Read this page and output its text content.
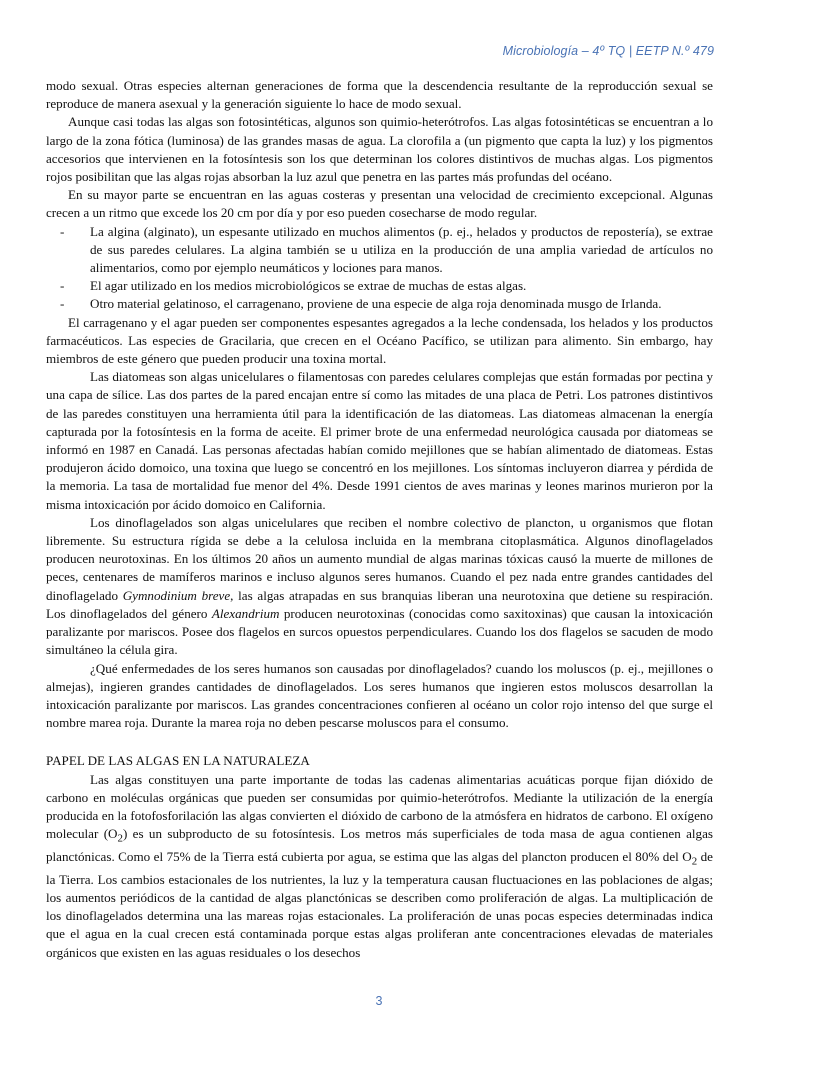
Microbiología – 4º TQ | EETP N.º 479

modo sexual. Otras especies alternan generaciones de forma que la descendencia resultante de la reproducción sexual se reproduce de manera asexual y la generación siguiente lo hace de modo sexual.

Aunque casi todas las algas son fotosintéticas, algunos son quimio-heterótrofos. Las algas fotosintéticas se encuentran a lo largo de la zona fótica (luminosa) de las grandes masas de agua. La clorofila a (un pigmento que capta la luz) y los pigmentos accesorios que intervienen en la fotosíntesis son los que determinan los colores distintivos de muchas algas. Los pigmentos rojos posibilitan que las algas rojas absorban la luz azul que penetra en las partes más profundas del océano.

En su mayor parte se encuentran en las aguas costeras y presentan una velocidad de crecimiento excepcional. Algunas crecen a un ritmo que excede los 20 cm por día y por eso pueden cosecharse de modo regular.

- La algina (alginato), un espesante utilizado en muchos alimentos (p. ej., helados y productos de repostería), se extrae de sus paredes celulares. La algina también se u utiliza en la producción de una amplia variedad de artículos no alimentarios, como por ejemplo neumáticos y lociones para manos.
- El agar utilizado en los medios microbiológicos se extrae de muchas de estas algas.
- Otro material gelatinoso, el carragenano, proviene de una especie de alga roja denominada musgo de Irlanda.

El carragenano y el agar pueden ser componentes espesantes agregados a la leche condensada, los helados y los productos farmacéuticos. Las especies de Gracilaria, que crecen en el Océano Pacífico, se utilizan para alimento. Sin embargo, hay miembros de este género que pueden producir una toxina mortal.

Las diatomeas son algas unicelulares o filamentosas con paredes celulares complejas que están formadas por pectina y una capa de sílice. Las dos partes de la pared encajan entre sí como las mitades de una placa de Petri. Los patrones distintivos de las paredes constituyen una herramienta útil para la identificación de las diatomeas. Las diatomeas almacenan la energía capturada por la fotosíntesis en la forma de aceite. El primer brote de una enfermedad neurológica causada por diatomeas se informó en 1987 en Canadá. Las personas afectadas habían comido mejillones que se habían alimentado de diatomeas. Estas produjeron ácido domoico, una toxina que luego se concentró en los mejillones. Los síntomas incluyeron diarrea y pérdida de la memoria. La tasa de mortalidad fue menor del 4%. Desde 1991 cientos de aves marinas y leones marinos murieron por la misma intoxicación por ácido domoico en California.

Los dinoflagelados son algas unicelulares que reciben el nombre colectivo de plancton, u organismos que flotan libremente. Su estructura rígida se debe a la celulosa incluida en la membrana citoplasmática. Algunos dinoflagelados producen neurotoxinas. En los últimos 20 años un aumento mundial de algas marinas tóxicas causó la muerte de millones de peces, centenares de mamíferos marinos e incluso algunos seres humanos. Cuando el pez nada entre grandes cantidades del dinoflagelado Gymnodinium breve, las algas atrapadas en sus branquias liberan una neurotoxina que detiene su respiración. Los dinoflagelados del género Alexandrium producen neurotoxinas (conocidas como saxitoxinas) que causan la intoxicación paralizante por mariscos. Posee dos flagelos en surcos opuestos perpendiculares. Cuando los dos flagelos se sacuden de modo simultáneo la célula gira.

¿Qué enfermedades de los seres humanos son causadas por dinoflagelados? cuando los moluscos (p. ej., mejillones o almejas), ingieren grandes cantidades de dinoflagelados. Los seres humanos que ingieren estos moluscos desarrollan la intoxicación paralizante por mariscos. Las grandes concentraciones confieren al océano un color rojo intenso del que surge el nombre marea roja. Durante la marea roja no deben pescarse moluscos para el consumo.

PAPEL DE LAS ALGAS EN LA NATURALEZA

Las algas constituyen una parte importante de todas las cadenas alimentarias acuáticas porque fijan dióxido de carbono en moléculas orgánicas que pueden ser consumidas por quimio-heterótrofos. Mediante la utilización de la energía producida en la fotofosforilación las algas convierten el dióxido de carbono de la atmósfera en hidratos de carbono. El oxígeno molecular $(O_2)$ es un subproducto de su fotosíntesis. Los metros más superficiales de toda masa de agua contienen algas planctónicas. Como el 75% de la Tierra está cubierta por agua, se estima que las algas del plancton producen el 80% del $O_2$ de la Tierra. Los cambios estacionales de los nutrientes, la luz y la temperatura causan fluctuaciones en las poblaciones de algas; los aumentos periódicos de la cantidad de algas planctónicas se describen como proliferación de algas. La multiplicación de los dinoflagelados determina una las mareas rojas estacionales. La proliferación de unas pocas especies determinadas indica que el agua en la cual crecen está contaminada porque estas algas proliferan ante concentraciones elevadas de materiales orgánicos que existen en las aguas residuales o los desechos

3
